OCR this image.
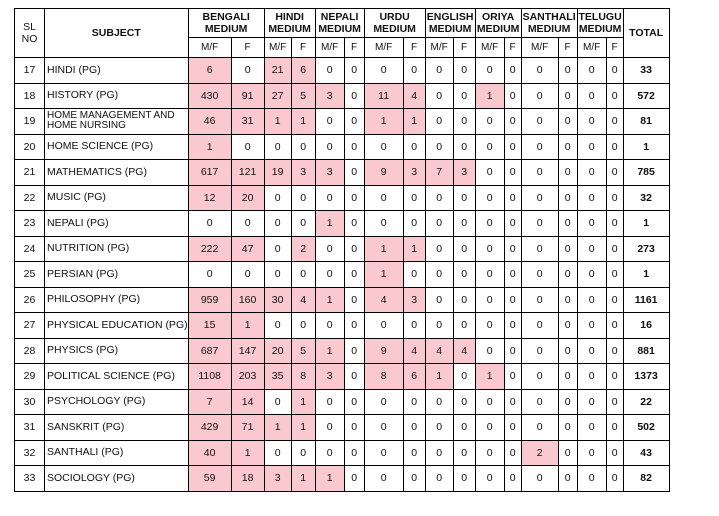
SL NO	SUBJECT	BENGALI MEDIUM		HINDI MEDIUM		NEPALI MEDIUM		URDU MEDIUM		ENGLISH MEDIUM		ORIYA MEDIUM		SANTHALI MEDIUM		TELUGU MEDIUM		TOTAL
		M/F	F	M/F	F	M/F	F	M/F	F	M/F	F	M/F	F	M/F	F	M/F	F	
17	HINDI (PG)	6	0	21	6	0	0	0	0	0	0	0	0	0	0	0	0	33
18	HISTORY (PG)	430	91	27	5	3	0	11	4	0	0	1	0	0	0	0	0	572
19	HOME MANAGEMENT AND HOME NURSING	46	31	1	1	0	0	1	1	0	0	0	0	0	0	0	0	81
20	HOME SCIENCE (PG)	1	0	0	0	0	0	0	0	0	0	0	0	0	0	0	0	1
21	MATHEMATICS (PG)	617	121	19	3	3	0	9	3	7	3	0	0	0	0	0	0	785
22	MUSIC (PG)	12	20	0	0	0	0	0	0	0	0	0	0	0	0	0	0	32
23	NEPALI (PG)	0	0	0	0	1	0	0	0	0	0	0	0	0	0	0	0	1
24	NUTRITION (PG)	222	47	0	2	0	0	1	1	0	0	0	0	0	0	0	0	273
25	PERSIAN (PG)	0	0	0	0	0	0	1	0	0	0	0	0	0	0	0	0	1
26	PHILOSOPHY (PG)	959	160	30	4	1	0	4	3	0	0	0	0	0	0	0	0	1161
27	PHYSICAL EDUCATION (PG)	15	1	0	0	0	0	0	0	0	0	0	0	0	0	0	0	16
28	PHYSICS (PG)	687	147	20	5	1	0	9	4	4	4	0	0	0	0	0	0	881
29	POLITICAL SCIENCE (PG)	1108	203	35	8	3	0	8	6	1	0	1	0	0	0	0	0	1373
30	PSYCHOLOGY (PG)	7	14	0	1	0	0	0	0	0	0	0	0	0	0	0	0	22
31	SANSKRIT (PG)	429	71	1	1	0	0	0	0	0	0	0	0	0	0	0	0	502
32	SANTHALI (PG)	40	1	0	0	0	0	0	0	0	0	0	0	2	0	0	0	43
33	SOCIOLOGY (PG)	59	18	3	1	1	0	0	0	0	0	0	0	0	0	0	0	82
